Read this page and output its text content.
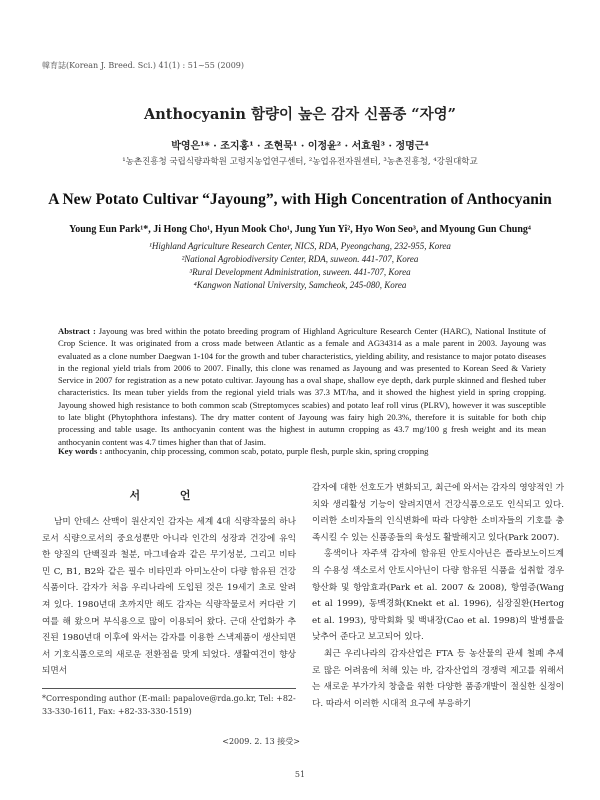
韓育誌(Korean J. Breed. Sci.) 41(1) : 51~55 (2009)
Anthocyanin 함량이 높은 감자 신품종 “자영”
박영은¹* · 조지홍¹ · 조현묵¹ · 이정윤² · 서효원³ · 정명근⁴
¹농촌진흥청 국립식량과학원 고령지농업연구센터, ²농업유전자원센터, ³농촌진흥청, ⁴강원대학교
A New Potato Cultivar “Jayoung”, with High Concentration of Anthocyanin
Young Eun Park¹*, Ji Hong Cho¹, Hyun Mook Cho¹, Jung Yun Yi², Hyo Won Seo³, and Myoung Gun Chung⁴
¹Highland Agriculture Research Center, NICS, RDA, Pyeongchang, 232-955, Korea
²National Agrobiodiversity Center, RDA, suweon. 441-707, Korea
³Rural Development Administration, suween. 441-707, Korea
⁴Kangwon National University, Samcheok, 245-080, Korea
Abstract : Jayoung was bred within the potato breeding program of Highland Agriculture Research Center (HARC), National Institute of Crop Science. It was originated from a cross made between Atlantic as a female and AG34314 as a male parent in 2003. Jayoung was evaluated as a clone number Daegwan 1-104 for the growth and tuber characteristics, yielding ability, and resistance to major potato diseases in the regional yield trials from 2006 to 2007. Finally, this clone was renamed as Jayoung and was presented to Korean Seed & Variety Service in 2007 for registration as a new potato cultivar. Jayoung has a oval shape, shallow eye depth, dark purple skinned and fleshed tuber characteristics. Its mean tuber yields from the regional yield trials was 37.3 MT/ha, and it showed the highest yield in spring cropping. Jayoung showed high resistance to both common scab (Streptomyces scabies) and potato leaf roll virus (PLRV), however it was susceptible to late blight (Phytophthora infestans). The dry matter content of Jayoung was fairy high 20.3%, therefore it is suitable for both chip processing and table usage. Its anthocyanin content was the highest in autumn cropping as 43.7 mg/100 g fresh weight and its mean anthocyanin content was 4.7 times higher than that of Jasim.
Key words : anthocyanin, chip processing, common scab, potato, purple flesh, purple skin, spring cropping
서 언

남미 안데스 산맥이 원산지인 감자는 세계 4대 식량작물의 하나로서 식량으로서의 중요성뿐만 아니라 인간의 성장과 건강에 유익한 양질의 단백질과 철분, 마그네슘과 같은 무기성분, 그리고 비타민 C, B1, B2와 같은 필수 비타민과 아미노산이 다량 함유된 건강식품이다. 감자가 처음 우리나라에 도입된 것은 19세기 초로 알려져 있다. 1980년대 초까지만 해도 감자는 식량작물로서 커다란 기여를 해 왔으며 부식용으로 많이 이용되어 왔다. 근대 산업화가 추진된 1980년대 이후에 와서는 감자를 이용한 스낵제품이 생산되면서 기호식품으로의 새로운 전환점을 맞게 되었다. 생활여건이 향상되면서

감자에 대한 선호도가 변화되고, 최근에 와서는 감자의 영양적인 가치와 생리활성 기능이 알려지면서 건강식품으로도 인식되고 있다. 이러한 소비자들의 인식변화에 따라 다양한 소비자들의 기호를 충족시킬 수 있는 신품종들의 육성도 활발해지고 있다(Park 2007).

홍색이나 자주색 감자에 함유된 안토시아닌은 플라보노이드계의 수용성 색소로서 안토시아닌이 다량 함유된 식품을 섭취할 경우 항산화 및 항암효과(Park et al. 2007 & 2008), 항염증(Wang et al 1999), 동맥경화(Knekt et al. 1996), 심장질환(Hertog et al. 1993), 망막회화 및 백내장(Cao et al. 1998)의 발병률을 낮추어 준다고 보고되어 있다.

최근 우리나라의 감자산업은 FTA 등 농산물의 관세 철폐 추세로 많은 어려움에 처해 있는 바, 감자산업의 경쟁력 제고를 위해서는 새로운 부가가치 창출을 위한 다양한 품종개발이 절실한 실정이다. 따라서 이러한 시대적 요구에 부응하기

*Corresponding author (E-mail: papalove@rda.go.kr, Tel: +82-33-330-1611, Fax: +82-33-330-1519)
<2009. 2. 13 接受>
51
